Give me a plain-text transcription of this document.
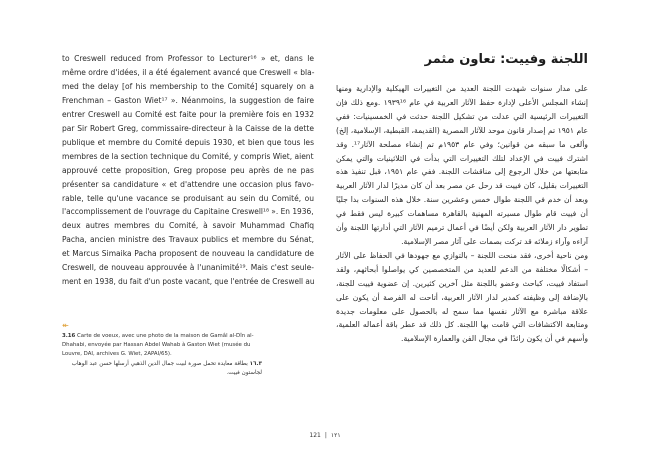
to Creswell reduced from Professor to Lecturer¹⁶ » et, dans le
même ordre d'idées, il a été également avancé que Creswell « bla-
med the delay [of his membership to the Comité] squarely on a
Frenchman – Gaston Wiet¹⁷ ». Néanmoins, la suggestion de faire
entrer Creswell au Comité est faite pour la première fois en 1932
par Sir Robert Greg, commissaire-directeur à la Caisse de la dette
publique et membre du Comité depuis 1930, et bien que tous les
membres de la section technique du Comité, y compris Wiet, aient
approuvé cette proposition, Greg propose peu après de ne pas
présenter sa candidature « et d'attendre une occasion plus favo-
rable, telle qu'une vacance se produisant au sein du Comité, ou
l'accomplissement de l'ouvrage du Capitaine Creswell¹⁸ ». En 1936,
deux autres membres du Comité, à savoir Muhammad Chafiq
Pacha, ancien ministre des Travaux publics et membre du Sénat,
et Marcus Simaika Pacha proposent de nouveau la candidature de
Creswell, de nouveau approuvée à l'unanimité¹⁹. Mais c'est seule-
ment en 1938, du fait d'un poste vacant, que l'entrée de Creswell au
اللجنة وفييت: تعاون مثمر

على مدار سنوات شهدت اللجنة العديد من التغييرات الهيكلية والإدارية ومنها إنشاء المجلس الأعلى لإدارة حفظ الآثار العربية في عام ١٩٣٩¹⁶ .ومع ذلك فإن التغييرات الرئيسية التي عدلت من تشكيل اللجنة حدثت في الخمسينيات: ففي عام ١٩٥١ تم إصدار قانون موحد للآثار المصرية (القديمة، القبطية، الإسلامية، إلخ) وألغى ما سبقه من قوانين؛ وفي عام ١٩٥٣م تم إنشاء مصلحة الآثار¹⁷. وقد اشترك فييت في الإعداد لتلك التغييرات التي بدأت في الثلاثينيات والتي يمكن متابعتها من خلال الرجوع إلى مناقشات اللجنة. ففي عام ١٩٥١، قبل تنفيذ هذه التغييرات بقليل، كان فييت قد رحل عن مصر بعد أن كان مديرًا لدار الآثار العربية وبعد أن خدم في اللجنة طوال خمس وعشرين سنة. خلال هذه السنوات بدا جليًا أن فييت قام طوال مسيرته المهنية بالقاهرة مساهمات كبيرة ليس فقط في تطوير دار الآثار العربية ولكن أيضًا في أعمال ترميم الآثار التي أدارتها اللجنة وأن آراءه وآراء زملائه قد تركت بصمات على آثار مصر الإسلامية.

ومن ناحية أخرى، فقد منحت اللجنة – بالتوازي مع جهودها في الحفاظ على الآثار – أشكالًا مختلفة من الدعم للعديد من المتخصصين كي يواصلوا أبحاثهم، ولقد استفاد فييت، كباحث وعضو باللجنة مثل آخرين كثيرين. إن عضوية فييت للجنة، بالإضافة إلى وظيفته كمدير لدار الآثار العربية، أتاحت له الفرصة أن يكون على علاقة مباشرة مع الآثار نفسها مما سمح له بالحصول على معلومات جديدة ومتابعة الاكتشافات التي قامت بها اللجنة. كل ذلك قد عطر باقة أعماله العلمية، وأسهم في أن يكون رائدًا في مجال الفن والعمارة الإسلامية.

↞
3.16 Carte de voeux, avec une photo de la maison de Gamâl al-Dîn al-Dhahabi, envoyée par Hassan Abdel Wahab à Gaston Wiet (musée du Louvre, DAI, archives G. Wiet, 2APAI/65).
١٦.٣ بطاقة معايدة تحمل صورة لبيت جمال الدين الذهبي أرسلها حسن عبد الوهاب لجاستون فييت.
121 | ١٢١
